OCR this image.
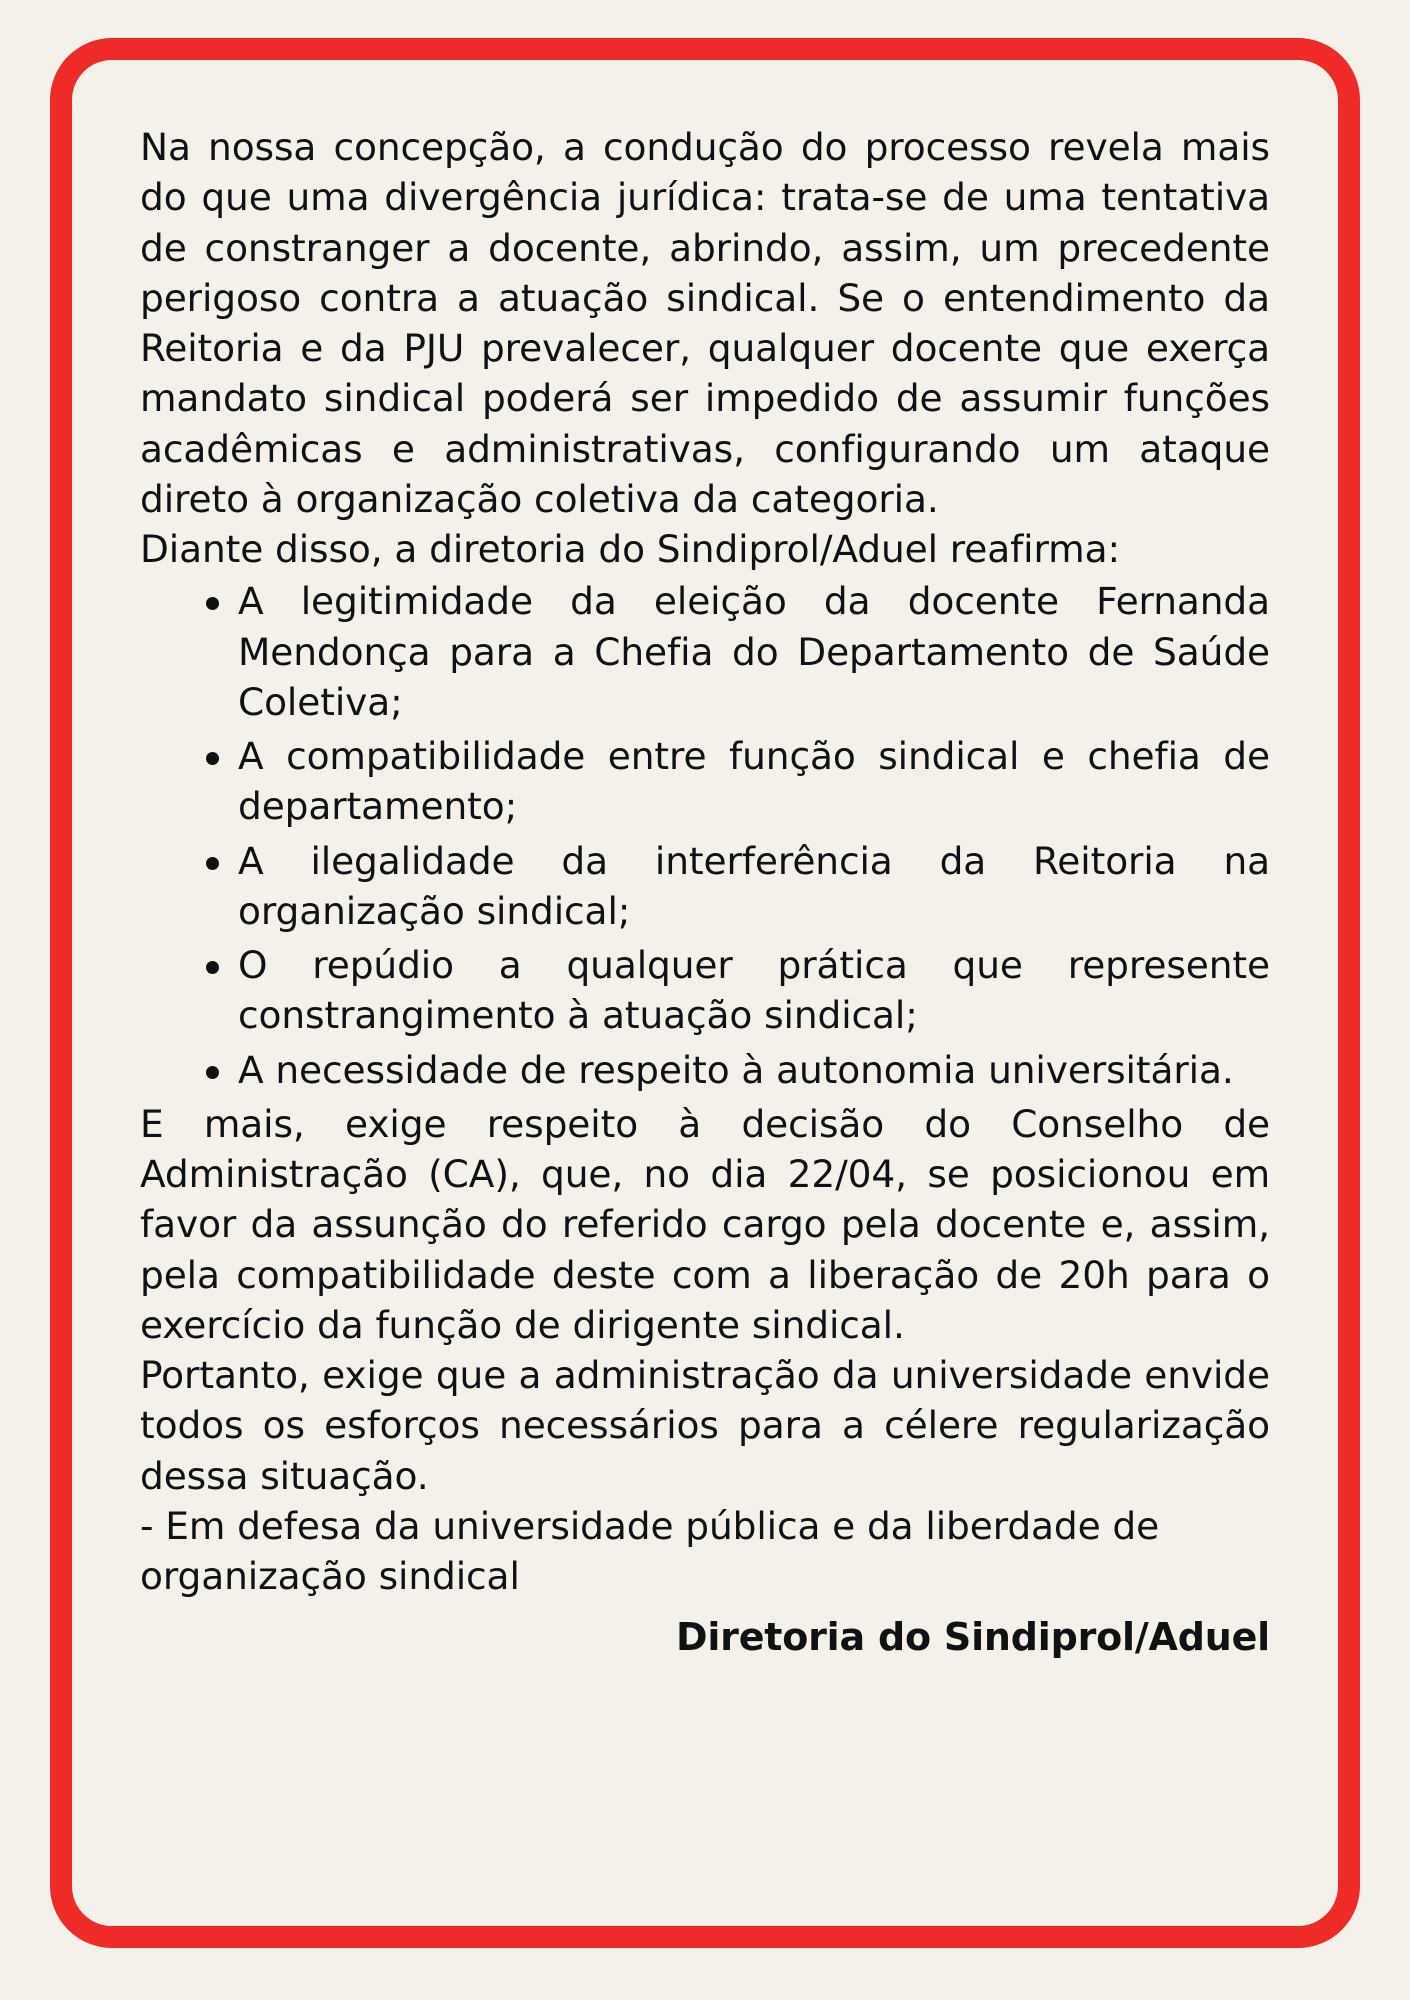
Na nossa concepção, a condução do processo revela mais do que uma divergência jurídica: trata-se de uma tentativa de constranger a docente, abrindo, assim, um precedente perigoso contra a atuação sindical. Se o entendimento da Reitoria e da PJU prevalecer, qualquer docente que exerça mandato sindical poderá ser impedido de assumir funções acadêmicas e administrativas, configurando um ataque direto à organização coletiva da categoria.

Diante disso, a diretoria do Sindiprol/Aduel reafirma:

A legitimidade da eleição da docente Fernanda Mendonça para a Chefia do Departamento de Saúde Coletiva;
A compatibilidade entre função sindical e chefia de departamento;
A ilegalidade da interferência da Reitoria na organização sindical;
O repúdio a qualquer prática que represente constrangimento à atuação sindical;
A necessidade de respeito à autonomia universitária.

E mais, exige respeito à decisão do Conselho de Administração (CA), que, no dia 22/04, se posicionou em favor da assunção do referido cargo pela docente e, assim, pela compatibilidade deste com a liberação de 20h para o exercício da função de dirigente sindical.

Portanto, exige que a administração da universidade envide todos os esforços necessários para a célere regularização dessa situação.

- Em defesa da universidade pública e da liberdade de organização sindical

Diretoria do Sindiprol/Aduel
